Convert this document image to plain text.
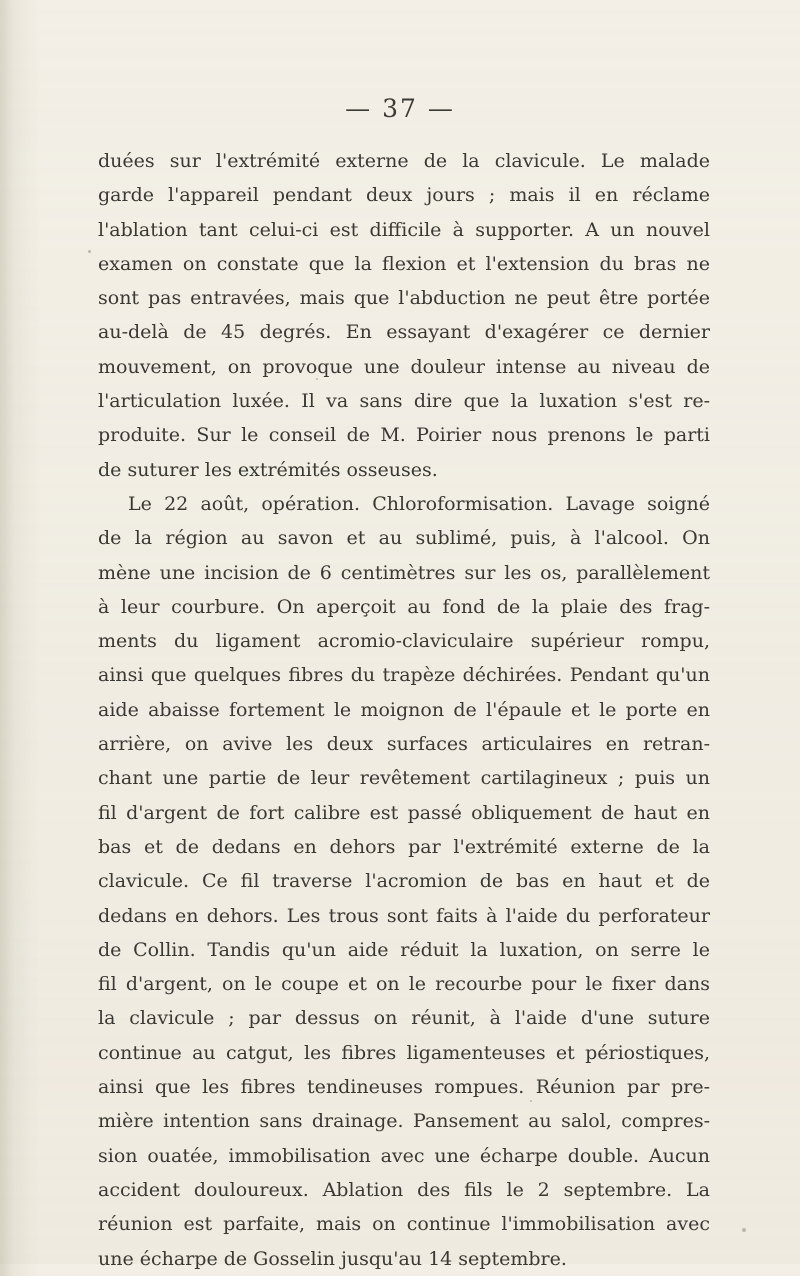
— 37 —
duées sur l'extrémité externe de la clavicule. Le malade
garde l'appareil pendant deux jours ; mais il en réclame
l'ablation tant celui-ci est difficile à supporter. A un nouvel
examen on constate que la flexion et l'extension du bras ne
sont pas entravées, mais que l'abduction ne peut être portée
au-delà de 45 degrés. En essayant d'exagérer ce dernier
mouvement, on provoque une douleur intense au niveau de
l'articulation luxée. Il va sans dire que la luxation s'est re-
produite. Sur le conseil de M. Poirier nous prenons le parti
de suturer les extrémités osseuses.
Le 22 août, opération. Chloroformisation. Lavage soigné
de la région au savon et au sublimé, puis, à l'alcool. On
mène une incision de 6 centimètres sur les os, parallèlement
à leur courbure. On aperçoit au fond de la plaie des frag-
ments du ligament acromio-claviculaire supérieur rompu,
ainsi que quelques fibres du trapèze déchirées. Pendant qu'un
aide abaisse fortement le moignon de l'épaule et le porte en
arrière, on avive les deux surfaces articulaires en retran-
chant une partie de leur revêtement cartilagineux ; puis un
fil d'argent de fort calibre est passé obliquement de haut en
bas et de dedans en dehors par l'extrémité externe de la
clavicule. Ce fil traverse l'acromion de bas en haut et de
dedans en dehors. Les trous sont faits à l'aide du perforateur
de Collin. Tandis qu'un aide réduit la luxation, on serre le
fil d'argent, on le coupe et on le recourbe pour le fixer dans
la clavicule ; par dessus on réunit, à l'aide d'une suture
continue au catgut, les fibres ligamenteuses et périostiques,
ainsi que les fibres tendineuses rompues. Réunion par pre-
mière intention sans drainage. Pansement au salol, compres-
sion ouatée, immobilisation avec une écharpe double. Aucun
accident douloureux. Ablation des fils le 2 septembre. La
réunion est parfaite, mais on continue l'immobilisation avec
une écharpe de Gosselin jusqu'au 14 septembre.
